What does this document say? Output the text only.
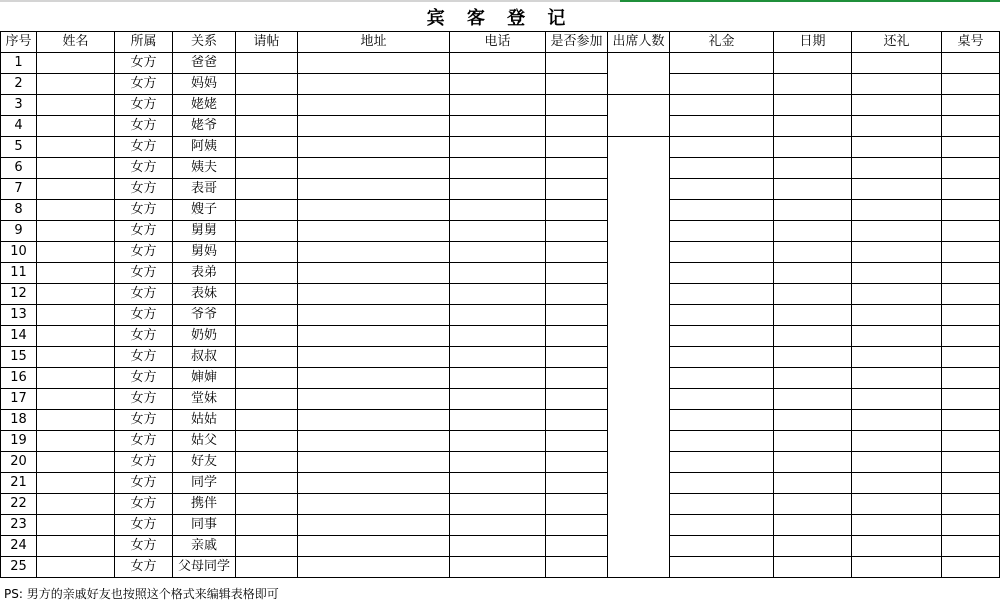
宾 客 登 记
序号	姓名	所属	关系	请帖	地址	电话	是否参加	出席人数	礼金	日期	还礼	桌号
1		女方	爸爸									
2		女方	妈妈									
3		女方	姥姥									
4		女方	姥爷									
5		女方	阿姨									
6		女方	姨夫									
7		女方	表哥									
8		女方	嫂子									
9		女方	舅舅									
10		女方	舅妈									
11		女方	表弟									
12		女方	表妹									
13		女方	爷爷									
14		女方	奶奶									
15		女方	叔叔									
16		女方	婶婶									
17		女方	堂妹									
18		女方	姑姑									
19		女方	姑父									
20		女方	好友									
21		女方	同学									
22		女方	携伴									
23		女方	同事									
24		女方	亲戚									
25		女方	父母同学									
PS: 男方的亲戚好友也按照这个格式来编辑表格即可
